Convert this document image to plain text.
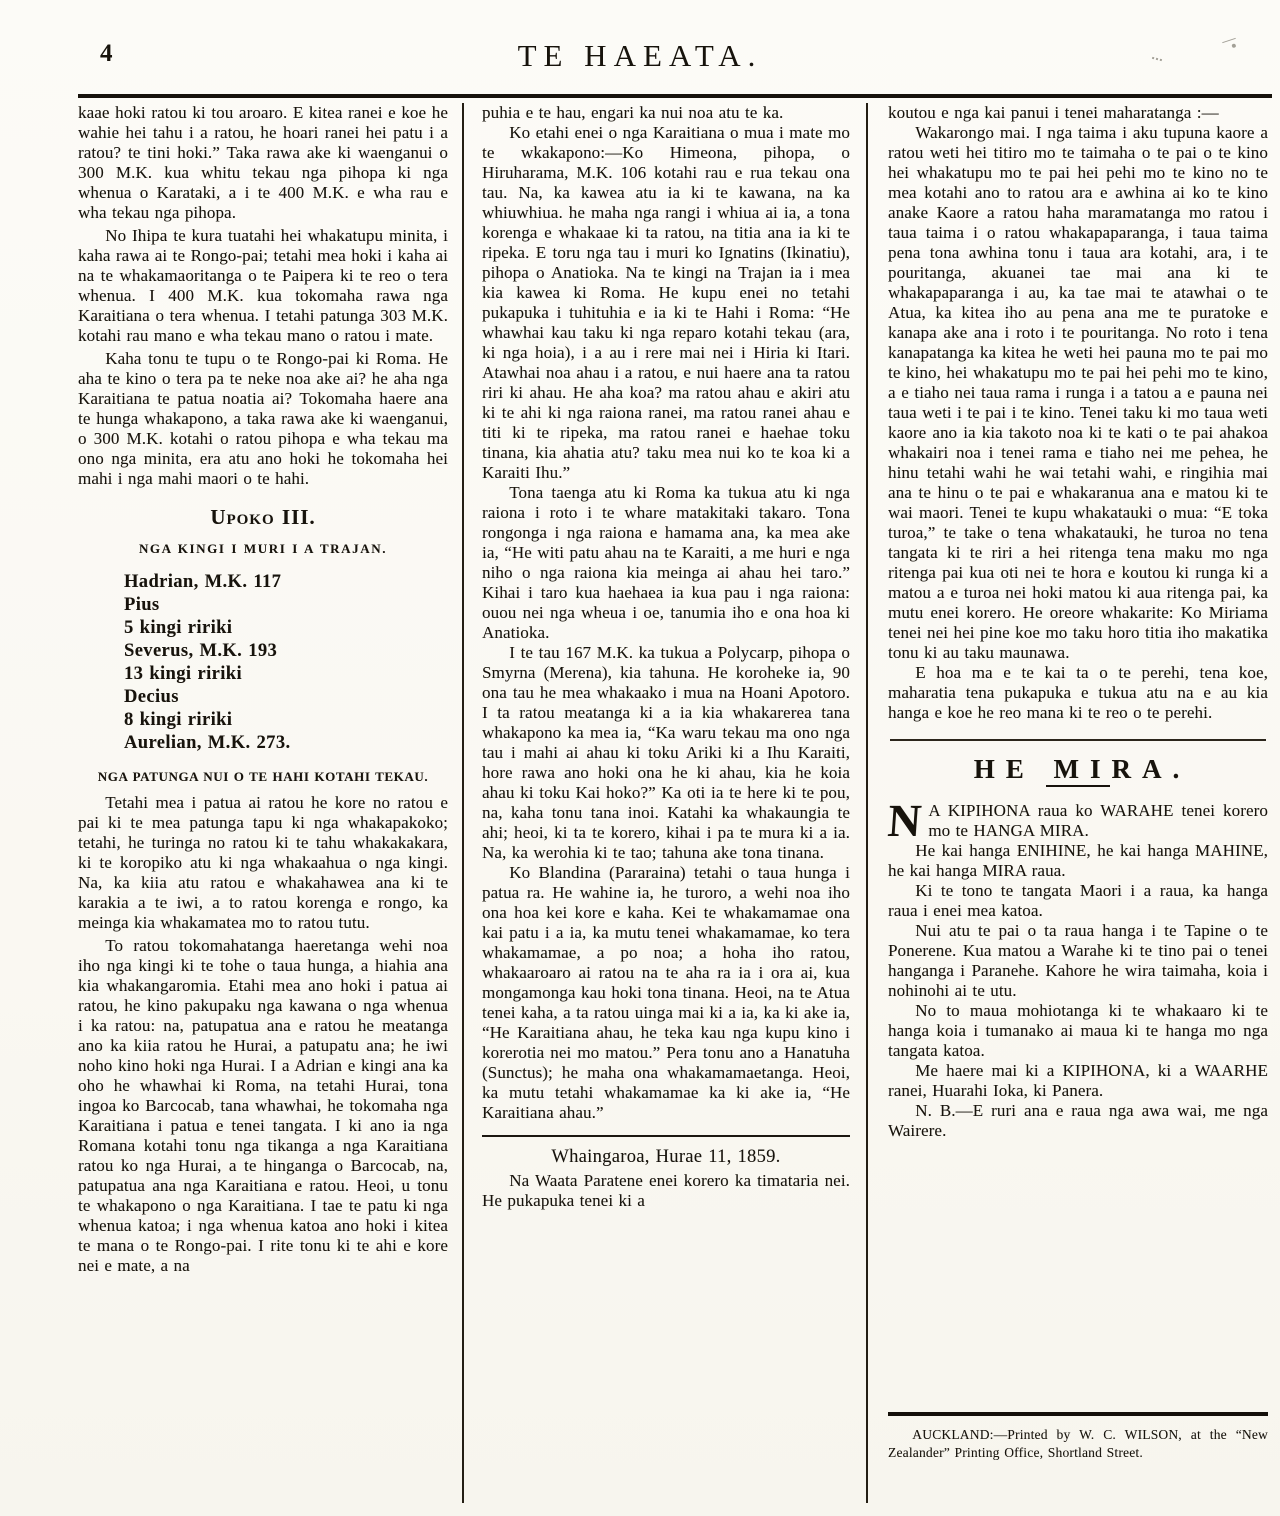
4	TE HAEATA.

kaae hoki ratou ki tou aroaro. E kitea ranei e koe he wahie hei tahu i a ratou, he hoari ranei hei patu i a ratou? te tini hoki.” Taka rawa ake ki waenganui o 300 M.K. kua whitu tekau nga pihopa ki nga whenua o Karataki, a i te 400 M.K. e wha rau e wha tekau nga pihopa.

No Ihipa te kura tuatahi hei whakatupu minita, i kaha rawa ai te Rongo-pai; tetahi mea hoki i kaha ai na te whakamaoritanga o te Paipera ki te reo o tera whenua. I 400 M.K. kua tokomaha rawa nga Karaitiana o tera whenua. I tetahi patunga 303 M.K. kotahi rau mano e wha tekau mano o ratou i mate.

Kaha tonu te tupu o te Rongo-pai ki Roma. He aha te kino o tera pa te neke noa ake ai? he aha nga Karaitiana te patua noatia ai? Tokomaha haere ana te hunga whakapono, a taka rawa ake ki waenganui, o 300 M.K. kotahi o ratou pihopa e wha tekau ma ono nga minita, era atu ano hoki he tokomaha hei mahi i nga mahi maori o te hahi.

Upoko III.
NGA KINGI I MURI I A TRAJAN.
Hadrian, M.K. 117
Pius
5 kingi ririki
Severus, M.K. 193
13 kingi ririki
Decius
8 kingi ririki
Aurelian, M.K. 273.
NGA PATUNGA NUI O TE HAHI KOTAHI TEKAU.

Tetahi mea i patua ai ratou he kore no ratou e pai ki te mea patunga tapu ki nga whakapakoko; tetahi, he turinga no ratou ki te tahu whakakakara, ki te koropiko atu ki nga whakaahua o nga kingi. Na, ka kiia atu ratou e whakahawea ana ki te karakia a te iwi, a to ratou korenga e rongo, ka meinga kia whakamatea mo to ratou tutu.

To ratou tokomahatanga haeretanga wehi noa iho nga kingi ki te tohe o taua hunga, a hiahia ana kia whakangaromia. Etahi mea ano hoki i patua ai ratou, he kino pakupaku nga kawana o nga whenua i ka ratou: na, patupatua ana e ratou he meatanga ano ka kiia ratou he Hurai, a patupatu ana; he iwi noho kino hoki nga Hurai. I a Adrian e kingi ana ka oho he whawhai ki Roma, na tetahi Hurai, tona ingoa ko Barcocab, tana whawhai, he tokomaha nga Karaitiana i patua e tenei tangata. I ki ano ia nga Romana kotahi tonu nga tikanga a nga Karaitiana ratou ko nga Hurai, a te hinganga o Barcocab, na, patupatua ana nga Karaitiana e ratou. Heoi, u tonu te whakapono o nga Karaitiana. I tae te patu ki nga whenua katoa; i nga whenua katoa ano hoki i kitea te mana o te Rongo-pai. I rite tonu ki te ahi e kore nei e mate, a na

puhia e te hau, engari ka nui noa atu te ka.

Ko etahi enei o nga Karaitiana o mua i mate mo te wkakapono:—Ko Himeona, pihopa, o Hiruharama, M.K. 106 kotahi rau e rua tekau ona tau. Na, ka kawea atu ia ki te kawana, na ka whiuwhiua. he maha nga rangi i whiua ai ia, a tona korenga e whakaae ki ta ratou, na titia ana ia ki te ripeka. E toru nga tau i muri ko Ignatins (Ikinatiu), pihopa o Anatioka. Na te kingi na Trajan ia i mea kia kawea ki Roma. He kupu enei no tetahi pukapuka i tuhituhia e ia ki te Hahi i Roma: “He whawhai kau taku ki nga reparo kotahi tekau (ara, ki nga hoia), i a au i rere mai nei i Hiria ki Itari. Atawhai noa ahau i a ratou, e nui haere ana ta ratou riri ki ahau. He aha koa? ma ratou ahau e akiri atu ki te ahi ki nga raiona ranei, ma ratou ranei ahau e titi ki te ripeka, ma ratou ranei e haehae toku tinana, kia ahatia atu? taku mea nui ko te koa ki a Karaiti Ihu.”

Tona taenga atu ki Roma ka tukua atu ki nga raiona i roto i te whare matakitaki takaro. Tona rongonga i nga raiona e hamama ana, ka mea ake ia, “He witi patu ahau na te Karaiti, a me huri e nga niho o nga raiona kia meinga ai ahau hei taro.” Kihai i taro kua haehaea ia kua pau i nga raiona: ouou nei nga wheua i oe, tanumia iho e ona hoa ki Anatioka.

I te tau 167 M.K. ka tukua a Polycarp, pihopa o Smyrna (Merena), kia tahuna. He koroheke ia, 90 ona tau he mea whakaako i mua na Hoani Apotoro. I ta ratou meatanga ki a ia kia whakarerea tana whakapono ka mea ia, “Ka waru tekau ma ono nga tau i mahi ai ahau ki toku Ariki ki a Ihu Karaiti, hore rawa ano hoki ona he ki ahau, kia he koia ahau ki toku Kai hoko?” Ka oti ia te here ki te pou, na, kaha tonu tana inoi. Katahi ka whakaungia te ahi; heoi, ki ta te korero, kihai i pa te mura ki a ia. Na, ka werohia ki te tao; tahuna ake tona tinana.

Ko Blandina (Pararaina) tetahi o taua hunga i patua ra. He wahine ia, he turoro, a wehi noa iho ona hoa kei kore e kaha. Kei te whakamamae ona kai patu i a ia, ka mutu tenei whakamamae, ko tera whakamamae, a po noa; a hoha iho ratou, whakaaroaro ai ratou na te aha ra ia i ora ai, kua mongamonga kau hoki tona tinana. Heoi, na te Atua tenei kaha, a ta ratou uinga mai ki a ia, ka ki ake ia, “He Karaitiana ahau, he teka kau nga kupu kino i korerotia nei mo matou.” Pera tonu ano a Hanatuha (Sunctus); he maha ona whakamamaetanga. Heoi, ka mutu tetahi whakamamae ka ki ake ia, “He Karaitiana ahau.”

Whaingaroa, Hurae 11, 1859.

Na Waata Paratene enei korero ka timataria nei. He pukapuka tenei ki a

koutou e nga kai panui i tenei maharatanga :—

Wakarongo mai. I nga taima i aku tupuna kaore a ratou weti hei titiro mo te taimaha o te pai o te kino hei whakatupu mo te pai hei pehi mo te kino no te mea kotahi ano to ratou ara e awhina ai ko te kino anake Kaore a ratou haha maramatanga mo ratou i taua taima i o ratou whakapaparanga, i taua taima pena tona awhina tonu i taua ara kotahi, ara, i te pouritanga, akuanei tae mai ana ki te whakapaparanga i au, ka tae mai te atawhai o te Atua, ka kitea iho au pena ana me te puratoke e kanapa ake ana i roto i te pouritanga. No roto i tena kanapatanga ka kitea he weti hei pauna mo te pai mo te kino, hei whakatupu mo te pai hei pehi mo te kino, a e tiaho nei taua rama i runga i a tatou a e pauna nei taua weti i te pai i te kino. Tenei taku ki mo taua weti kaore ano ia kia takoto noa ki te kati o te pai ahakoa whakairi noa i tenei rama e tiaho nei me pehea, he hinu tetahi wahi he wai tetahi wahi, e ringihia mai ana te hinu o te pai e whakaranua ana e matou ki te wai maori. Tenei te kupu whakatauki o mua: “E toka turoa,” te take o tena whakatauki, he turoa no tena tangata ki te riri a hei ritenga tena maku mo nga ritenga pai kua oti nei te hora e koutou ki runga ki a matou a e turoa nei hoki matou ki aua ritenga pai, ka mutu enei korero. He oreore whakarite: Ko Miriama tenei nei hei pine koe mo taku horo titia iho makatika tonu ki au taku maunawa.

E hoa ma e te kai ta o te perehi, tena koe, maharatia tena pukapuka e tukua atu na e au kia hanga e koe he reo mana ki te reo o te perehi.

HE MIRA.

N A KIPIHONA raua ko WARAHE tenei korero mo te HANGA MIRA.

He kai hanga ENIHINE, he kai hanga MAHINE, he kai hanga MIRA raua.

Ki te tono te tangata Maori i a raua, ka hanga raua i enei mea katoa.

Nui atu te pai o ta raua hanga i te Tapine o te Ponerene. Kua matou a Warahe ki te tino pai o tenei hanganga i Paranehe. Kahore he wira taimaha, koia i nohinohi ai te utu.

No to maua mohiotanga ki te whakaaro ki te hanga koia i tumanako ai maua ki te hanga mo nga tangata katoa.

Me haere mai ki a KIPIHONA, ki a WAARHE ranei, Huarahi Ioka, ki Panera.

N. B.—E ruri ana e raua nga awa wai, me nga Wairere.

AUCKLAND:—Printed by W. C. WILSON, at the “New Zealander” Printing Office, Shortland Street.
